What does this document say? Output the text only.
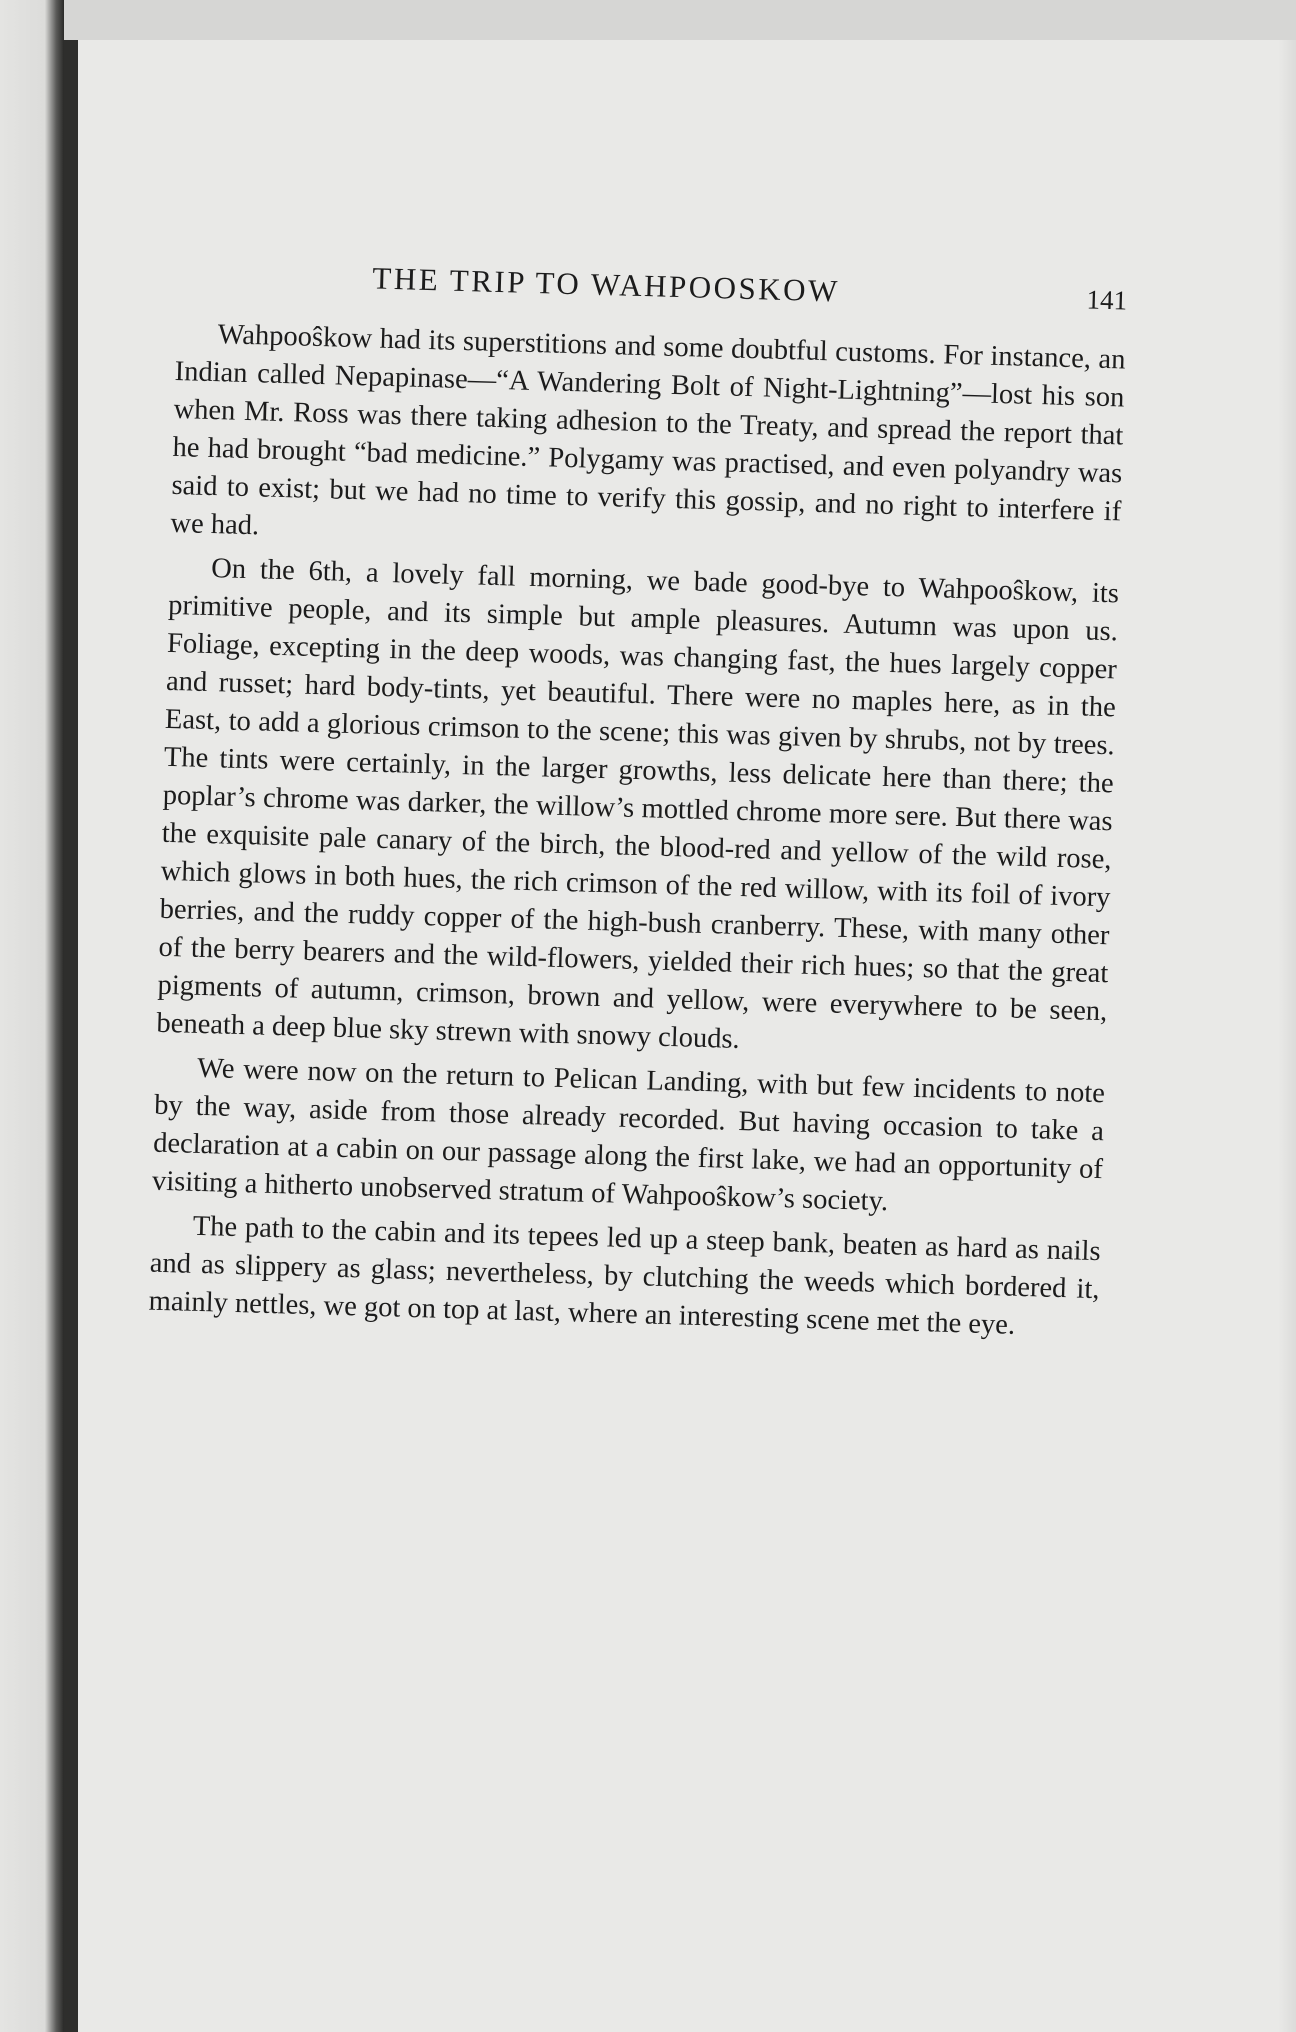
THE TRIP TO WAHPOOSKOW	141

Wahpooŝkow had its superstitions and some doubtful customs. For instance, an Indian called Nepapinase—“A Wandering Bolt of Night-Lightning”—lost his son when Mr. Ross was there taking adhesion to the Treaty, and spread the report that he had brought “bad medicine.” Polygamy was practised, and even polyandry was said to exist; but we had no time to verify this gossip, and no right to interfere if we had.

On the 6th, a lovely fall morning, we bade good-bye to Wahpooŝkow, its primitive people, and its simple but ample pleasures. Autumn was upon us. Foliage, excepting in the deep woods, was changing fast, the hues largely copper and russet; hard body-tints, yet beautiful. There were no maples here, as in the East, to add a glorious crimson to the scene; this was given by shrubs, not by trees. The tints were certainly, in the larger growths, less delicate here than there; the poplar’s chrome was darker, the willow’s mottled chrome more sere. But there was the exquisite pale canary of the birch, the blood-red and yellow of the wild rose, which glows in both hues, the rich crimson of the red willow, with its foil of ivory berries, and the ruddy copper of the high-bush cranberry. These, with many other of the berry bearers and the wild-flowers, yielded their rich hues; so that the great pigments of autumn, crimson, brown and yellow, were everywhere to be seen, beneath a deep blue sky strewn with snowy clouds.

We were now on the return to Pelican Landing, with but few incidents to note by the way, aside from those already recorded. But having occasion to take a declaration at a cabin on our passage along the first lake, we had an opportunity of visiting a hitherto unobserved stratum of Wahpooŝkow’s society.

The path to the cabin and its tepees led up a steep bank, beaten as hard as nails and as slippery as glass; nevertheless, by clutching the weeds which bordered it, mainly nettles, we got on top at last, where an interesting scene met the eye.
